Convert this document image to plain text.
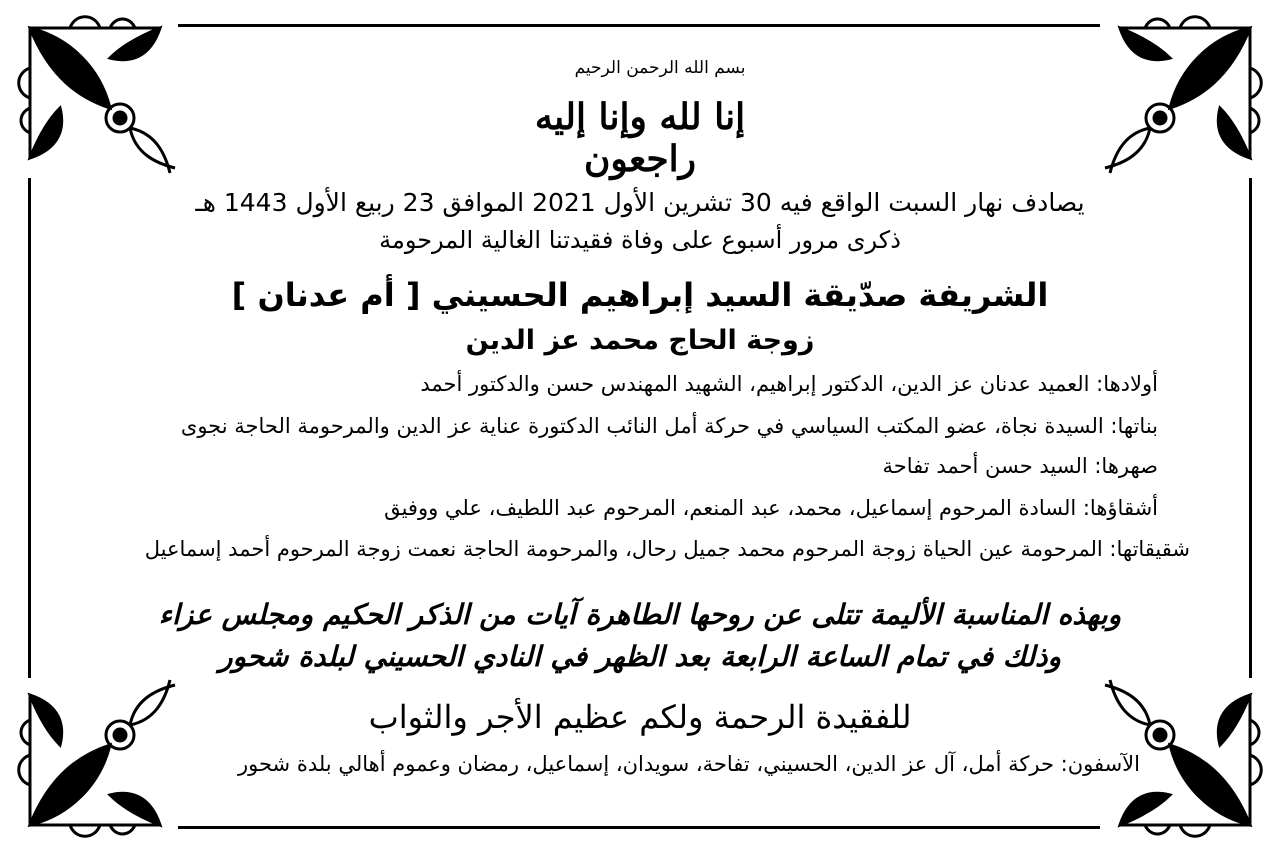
بسم الله الرحمن الرحيم
إنا لله وإنا إليه راجعون
يصادف نهار السبت الواقع فيه 30 تشرين الأول 2021 الموافق 23 ربيع الأول 1443 هـ
ذكرى مرور أسبوع على وفاة فقيدتنا الغالية المرحومة
الشريفة صدّيقة السيد إبراهيم الحسيني [ أم عدنان ]
زوجة الحاج محمد عز الدين
أولادها: العميد عدنان عز الدين، الدكتور إبراهيم، الشهيد المهندس حسن والدكتور أحمد
بناتها: السيدة نجاة، عضو المكتب السياسي في حركة أمل النائب الدكتورة عناية عز الدين والمرحومة الحاجة نجوى
صهرها: السيد حسن أحمد تفاحة
أشقاؤها: السادة المرحوم إسماعيل، محمد، عبد المنعم، المرحوم عبد اللطيف، علي ووفيق
شقيقاتها: المرحومة عين الحياة زوجة المرحوم محمد جميل رحال، والمرحومة الحاجة نعمت زوجة المرحوم أحمد إسماعيل
وبهذه المناسبة الأليمة تتلى عن روحها الطاهرة آيات من الذكر الحكيم ومجلس عزاء
وذلك في تمام الساعة الرابعة بعد الظهر في النادي الحسيني لبلدة شحور
للفقيدة الرحمة ولكم عظيم الأجر والثواب
الآسفون: حركة أمل، آل عز الدين، الحسيني، تفاحة، سويدان، إسماعيل، رمضان وعموم أهالي بلدة شحور
